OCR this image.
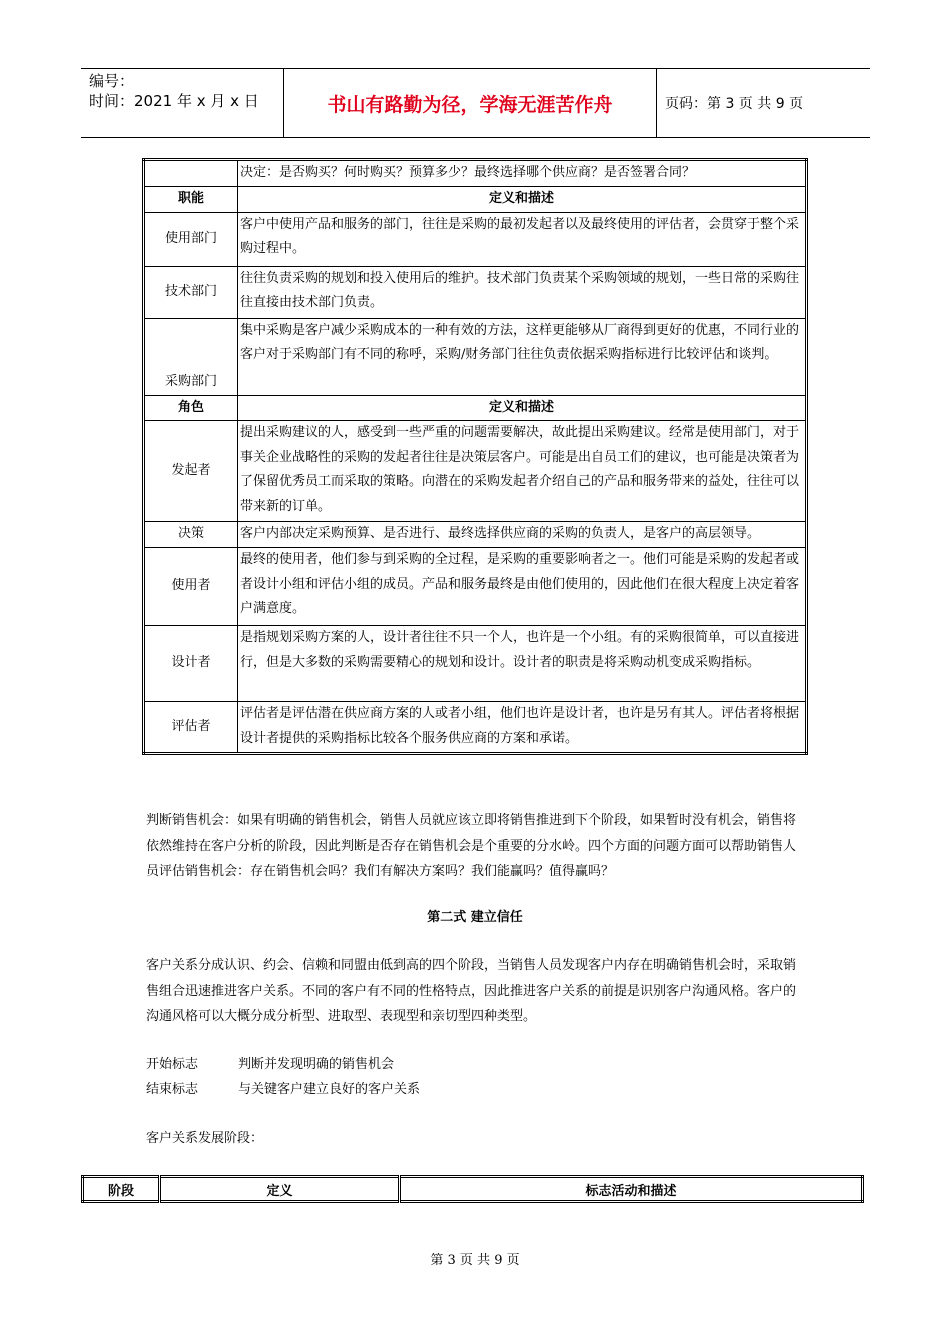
编号：
时间：2021 年 x 月 x 日	书山有路勤为径，学海无涯苦作舟	页码：第 3 页 共 9 页
	决定：是否购买？何时购买？预算多少？最终选择哪个供应商？是否签署合同？
职能	定义和描述
使用部门	客户中使用产品和服务的部门，往往是采购的最初发起者以及最终使用的评估者，会贯穿于整个采购过程中。
技术部门	往往负责采购的规划和投入使用后的维护。技术部门负责某个采购领域的规划，一些日常的采购往往直接由技术部门负责。
采购部门	集中采购是客户减少采购成本的一种有效的方法，这样更能够从厂商得到更好的优惠，不同行业的客户对于采购部门有不同的称呼，采购/财务部门往往负责依据采购指标进行比较评估和谈判。
角色	定义和描述
发起者	提出采购建议的人，感受到一些严重的问题需要解决，故此提出采购建议。经常是使用部门，对于事关企业战略性的采购的发起者往往是决策层客户。可能是出自员工们的建议，也可能是决策者为了保留优秀员工而采取的策略。向潜在的采购发起者介绍自己的产品和服务带来的益处，往往可以带来新的订单。
决策	客户内部决定采购预算、是否进行、最终选择供应商的采购的负责人，是客户的高层领导。
使用者	最终的使用者，他们参与到采购的全过程，是采购的重要影响者之一。他们可能是采购的发起者或者设计小组和评估小组的成员。产品和服务最终是由他们使用的，因此他们在很大程度上决定着客户满意度。
设计者	是指规划采购方案的人，设计者往往不只一个人，也许是一个小组。有的采购很简单，可以直接进行，但是大多数的采购需要精心的规划和设计。设计者的职责是将采购动机变成采购指标。
评估者	评估者是评估潜在供应商方案的人或者小组，他们也许是设计者，也许是另有其人。评估者将根据设计者提供的采购指标比较各个服务供应商的方案和承诺。
判断销售机会：如果有明确的销售机会，销售人员就应该立即将销售推进到下个阶段，如果暂时没有机会，销售将依然维持在客户分析的阶段，因此判断是否存在销售机会是个重要的分水岭。四个方面的问题方面可以帮助销售人员评估销售机会：存在销售机会吗？我们有解决方案吗？我们能赢吗？值得赢吗？
第二式 建立信任
客户关系分成认识、约会、信赖和同盟由低到高的四个阶段，当销售人员发现客户内存在明确销售机会时，采取销售组合迅速推进客户关系。不同的客户有不同的性格特点，因此推进客户关系的前提是识别客户沟通风格。客户的沟通风格可以大概分成分析型、进取型、表现型和亲切型四种类型。
开始标志	判断并发现明确的销售机会
结束标志	与关键客户建立良好的客户关系
客户关系发展阶段：
阶段	定义	标志活动和描述
第 3 页 共 9 页
